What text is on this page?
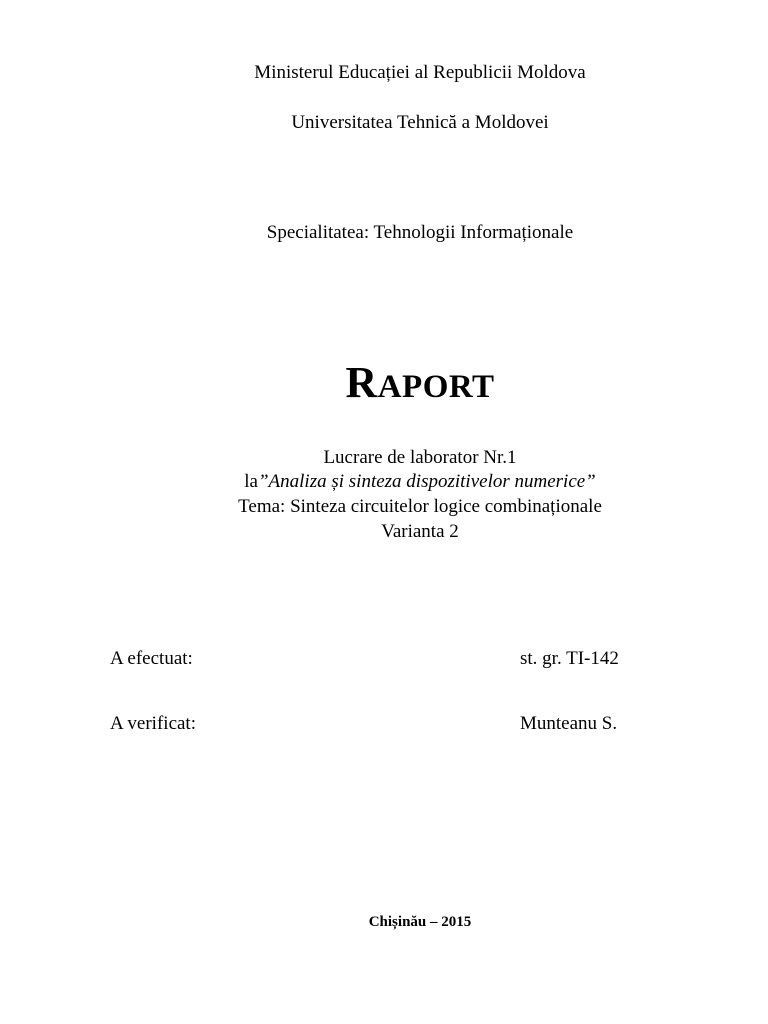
Ministerul Educației al Republicii Moldova
Universitatea Tehnică a Moldovei
Specialitatea: Tehnologii Informaționale
RAPORT
Lucrare de laborator Nr.1
la”Analiza și sinteza dispozitivelor numerice”
Tema: Sinteza circuitelor logice combinaționale
Varianta 2
A efectuat:	st. gr. TI-142
A verificat:	Munteanu S.
Chișinău – 2015
